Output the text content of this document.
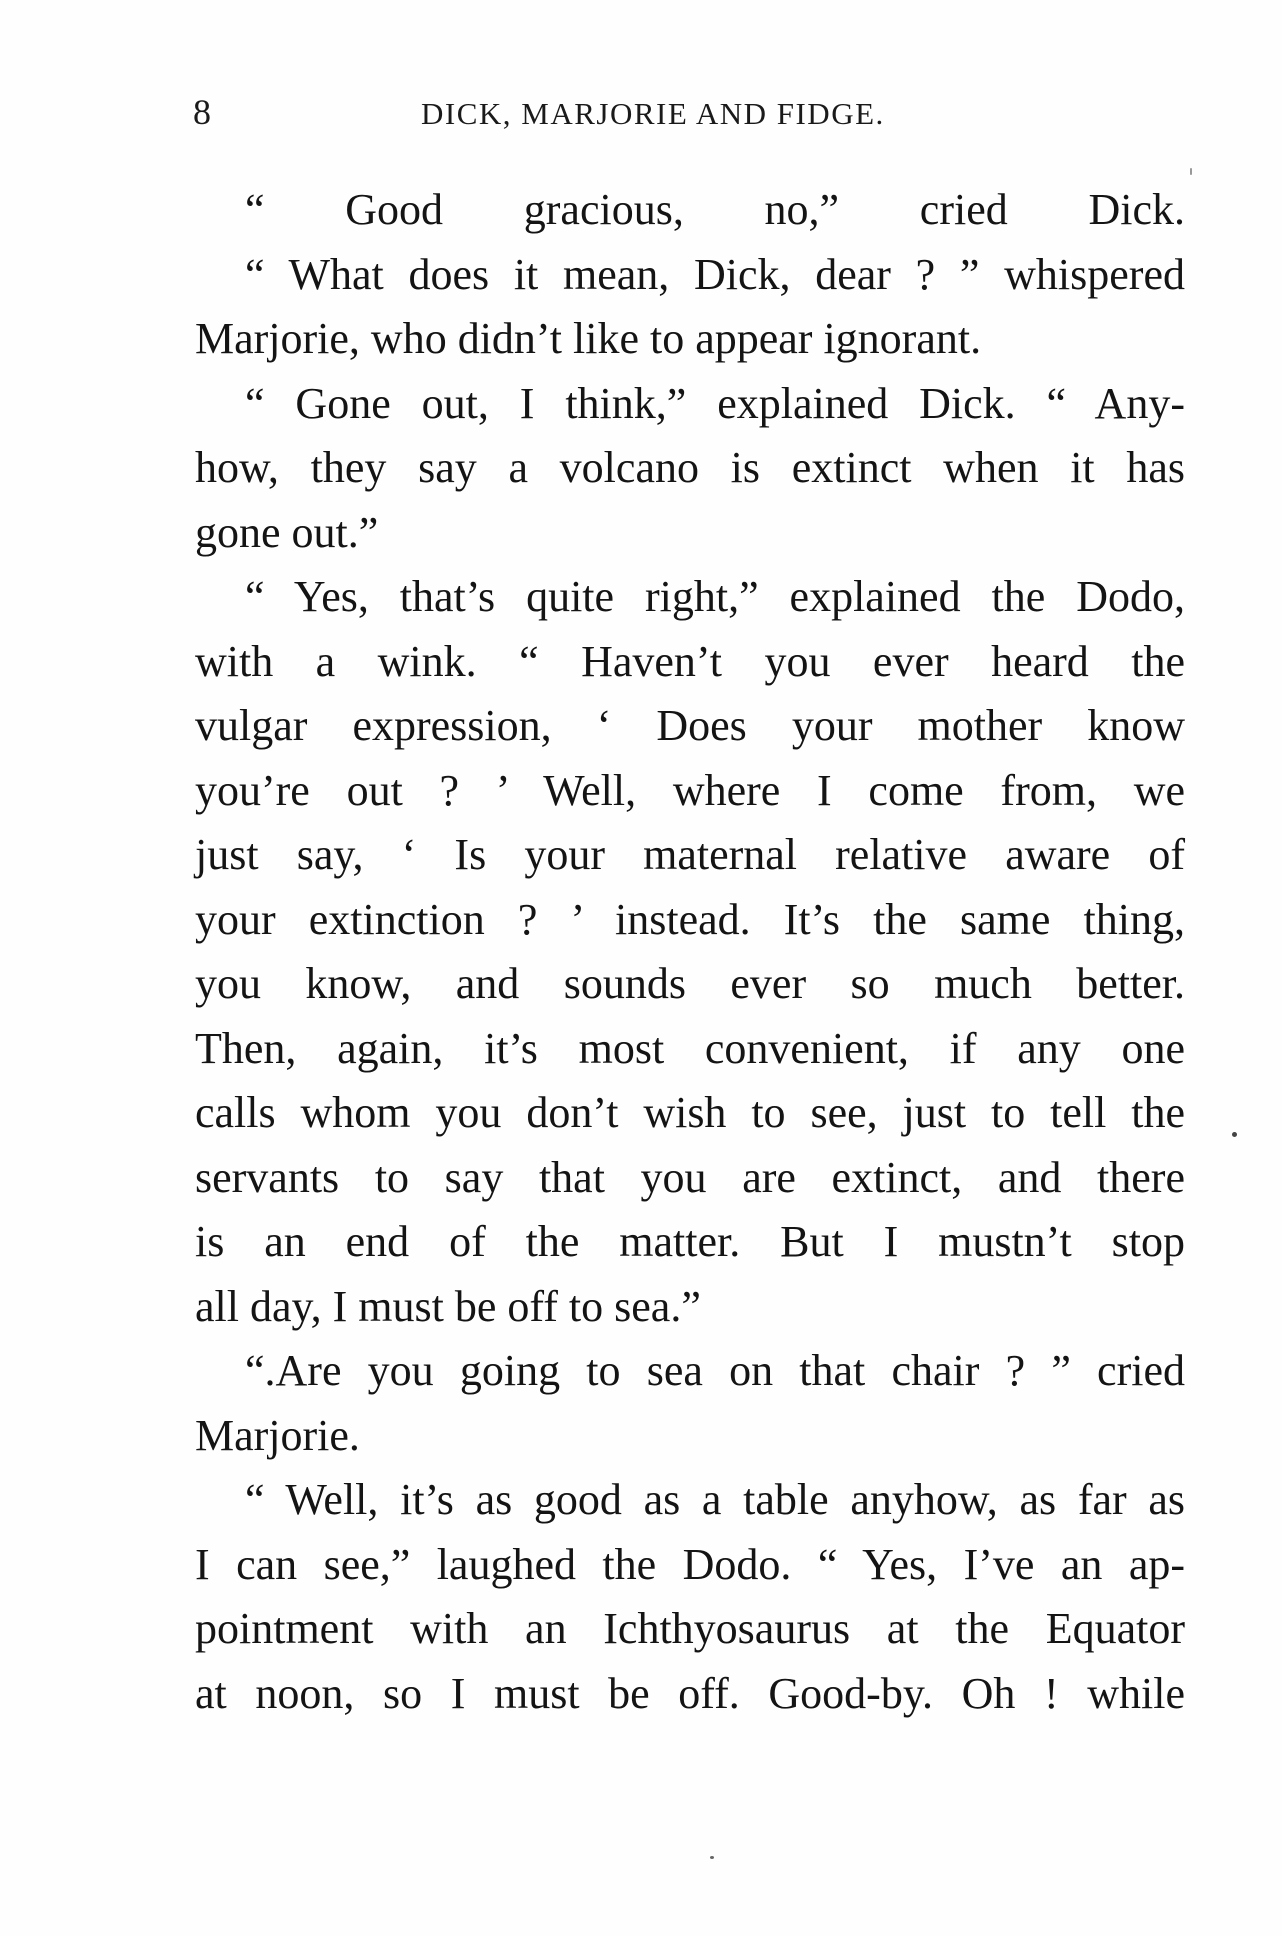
8	DICK, MARJORIE AND FIDGE.
“ Good gracious, no,” cried Dick.
“ What does it mean, Dick, dear ? ” whispered
Marjorie, who didn’t like to appear ignorant.
“ Gone out, I think,” explained Dick. “ Any-
how, they say a volcano is extinct when it has
gone out.”
“ Yes, that’s quite right,” explained the Dodo,
with a wink. “ Haven’t you ever heard the
vulgar expression, ‘ Does your mother know
you’re out ? ’ Well, where I come from, we
just say, ‘ Is your maternal relative aware of
your extinction ? ’ instead. It’s the same thing,
you know, and sounds ever so much better.
Then, again, it’s most convenient, if any one
calls whom you don’t wish to see, just to tell the
servants to say that you are extinct, and there
is an end of the matter. But I mustn’t stop
all day, I must be off to sea.”
“.Are you going to sea on that chair ? ” cried
Marjorie.
“ Well, it’s as good as a table anyhow, as far as
I can see,” laughed the Dodo. “ Yes, I’ve an ap-
pointment with an Ichthyosaurus at the Equator
at noon, so I must be off. Good-by. Oh ! while
